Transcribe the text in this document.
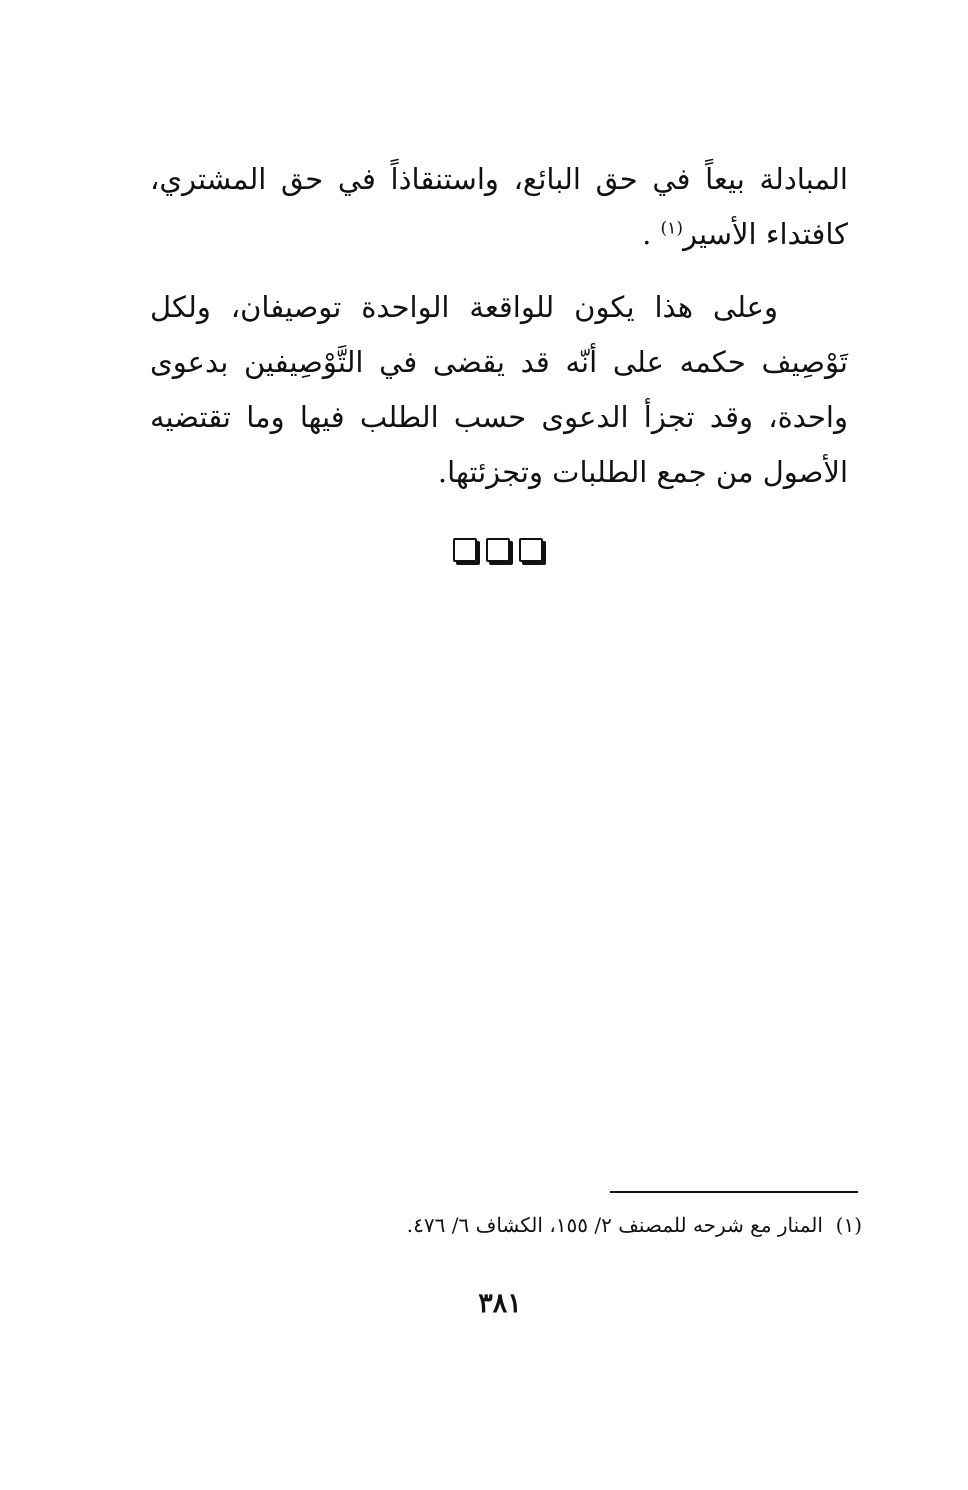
المبادلة بيعاً في حق البائع، واستنقاذاً في حق المشتري، كافتداء الأسير$^{(١)}$ .
وعلى هذا يكون للواقعة الواحدة توصيفان، ولكل تَوْصِيف حكمه على أنّه قد يقضى في التَّوْصِيفين بدعوى واحدة، وقد تجزأ الدعوى حسب الطلب فيها وما تقتضيه الأصول من جمع الطلبات وتجزئتها.
(١)  المنار مع شرحه للمصنف ٢/ ١٥٥، الكشاف ٦/ ٤٧٦.
٣٨١
